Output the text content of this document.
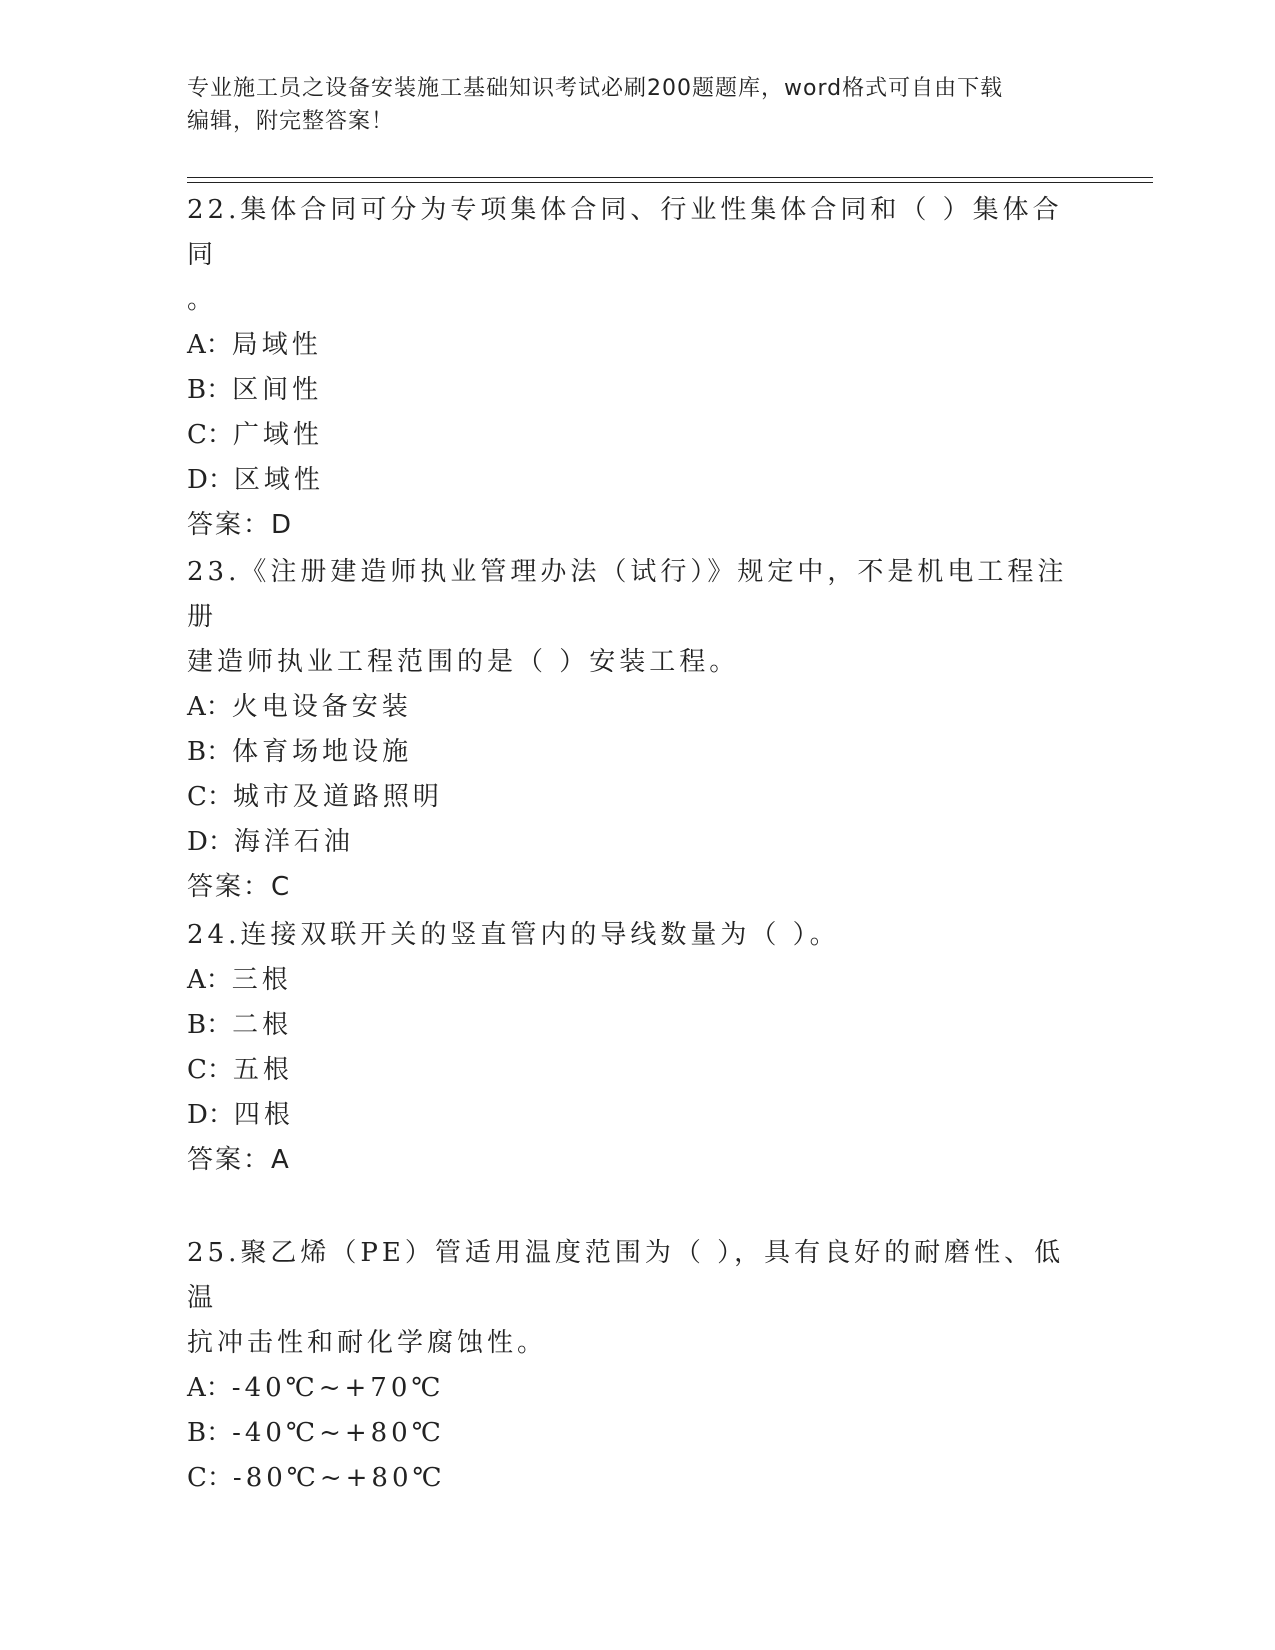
专业施工员之设备安装施工基础知识考试必刷200题题库，word格式可自由下载
编辑，附完整答案！

22.集体合同可分为专项集体合同、行业性集体合同和（ ）集体合同

。

A：局域性

B：区间性

C：广域性

D：区域性

答案：D

23.《注册建造师执业管理办法（试行）》规定中，不是机电工程注册

建造师执业工程范围的是（ ）安装工程。

A：火电设备安装

B：体育场地设施

C：城市及道路照明

D：海洋石油

答案：C

24.连接双联开关的竖直管内的导线数量为（ ）。

A：三根

B：二根

C：五根

D：四根

答案：A

25.聚乙烯（PE）管适用温度范围为（ ），具有良好的耐磨性、低温

抗冲击性和耐化学腐蚀性。

A：-40℃~+70℃

B：-40℃~+80℃

C：-80℃~+80℃
